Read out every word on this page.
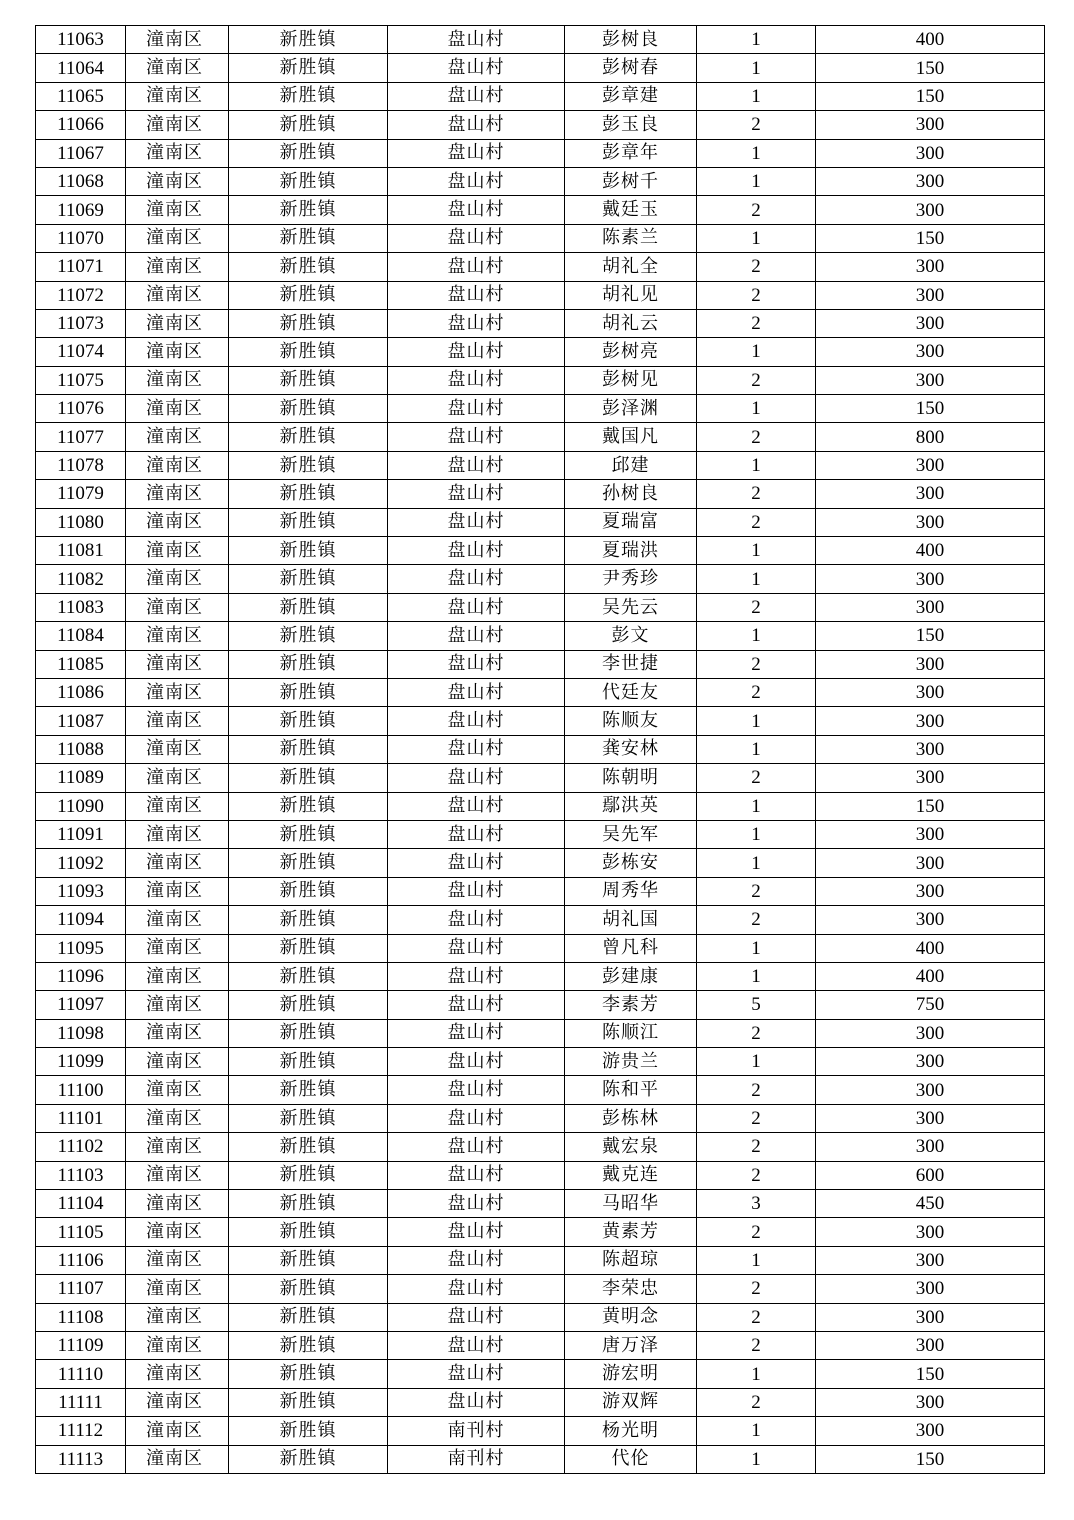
11063	潼南区	新胜镇	盘山村	彭树良	1	400
11064	潼南区	新胜镇	盘山村	彭树春	1	150
11065	潼南区	新胜镇	盘山村	彭章建	1	150
11066	潼南区	新胜镇	盘山村	彭玉良	2	300
11067	潼南区	新胜镇	盘山村	彭章年	1	300
11068	潼南区	新胜镇	盘山村	彭树千	1	300
11069	潼南区	新胜镇	盘山村	戴廷玉	2	300
11070	潼南区	新胜镇	盘山村	陈素兰	1	150
11071	潼南区	新胜镇	盘山村	胡礼全	2	300
11072	潼南区	新胜镇	盘山村	胡礼见	2	300
11073	潼南区	新胜镇	盘山村	胡礼云	2	300
11074	潼南区	新胜镇	盘山村	彭树亮	1	300
11075	潼南区	新胜镇	盘山村	彭树见	2	300
11076	潼南区	新胜镇	盘山村	彭泽渊	1	150
11077	潼南区	新胜镇	盘山村	戴国凡	2	800
11078	潼南区	新胜镇	盘山村	邱建	1	300
11079	潼南区	新胜镇	盘山村	孙树良	2	300
11080	潼南区	新胜镇	盘山村	夏瑞富	2	300
11081	潼南区	新胜镇	盘山村	夏瑞洪	1	400
11082	潼南区	新胜镇	盘山村	尹秀珍	1	300
11083	潼南区	新胜镇	盘山村	吴先云	2	300
11084	潼南区	新胜镇	盘山村	彭文	1	150
11085	潼南区	新胜镇	盘山村	李世捷	2	300
11086	潼南区	新胜镇	盘山村	代廷友	2	300
11087	潼南区	新胜镇	盘山村	陈顺友	1	300
11088	潼南区	新胜镇	盘山村	龚安林	1	300
11089	潼南区	新胜镇	盘山村	陈朝明	2	300
11090	潼南区	新胜镇	盘山村	鄢洪英	1	150
11091	潼南区	新胜镇	盘山村	吴先军	1	300
11092	潼南区	新胜镇	盘山村	彭栋安	1	300
11093	潼南区	新胜镇	盘山村	周秀华	2	300
11094	潼南区	新胜镇	盘山村	胡礼国	2	300
11095	潼南区	新胜镇	盘山村	曾凡科	1	400
11096	潼南区	新胜镇	盘山村	彭建康	1	400
11097	潼南区	新胜镇	盘山村	李素芳	5	750
11098	潼南区	新胜镇	盘山村	陈顺江	2	300
11099	潼南区	新胜镇	盘山村	游贵兰	1	300
11100	潼南区	新胜镇	盘山村	陈和平	2	300
11101	潼南区	新胜镇	盘山村	彭栋林	2	300
11102	潼南区	新胜镇	盘山村	戴宏泉	2	300
11103	潼南区	新胜镇	盘山村	戴克连	2	600
11104	潼南区	新胜镇	盘山村	马昭华	3	450
11105	潼南区	新胜镇	盘山村	黄素芳	2	300
11106	潼南区	新胜镇	盘山村	陈超琼	1	300
11107	潼南区	新胜镇	盘山村	李荣忠	2	300
11108	潼南区	新胜镇	盘山村	黄明念	2	300
11109	潼南区	新胜镇	盘山村	唐万泽	2	300
11110	潼南区	新胜镇	盘山村	游宏明	1	150
11111	潼南区	新胜镇	盘山村	游双辉	2	300
11112	潼南区	新胜镇	南刊村	杨光明	1	300
11113	潼南区	新胜镇	南刊村	代伦	1	150
